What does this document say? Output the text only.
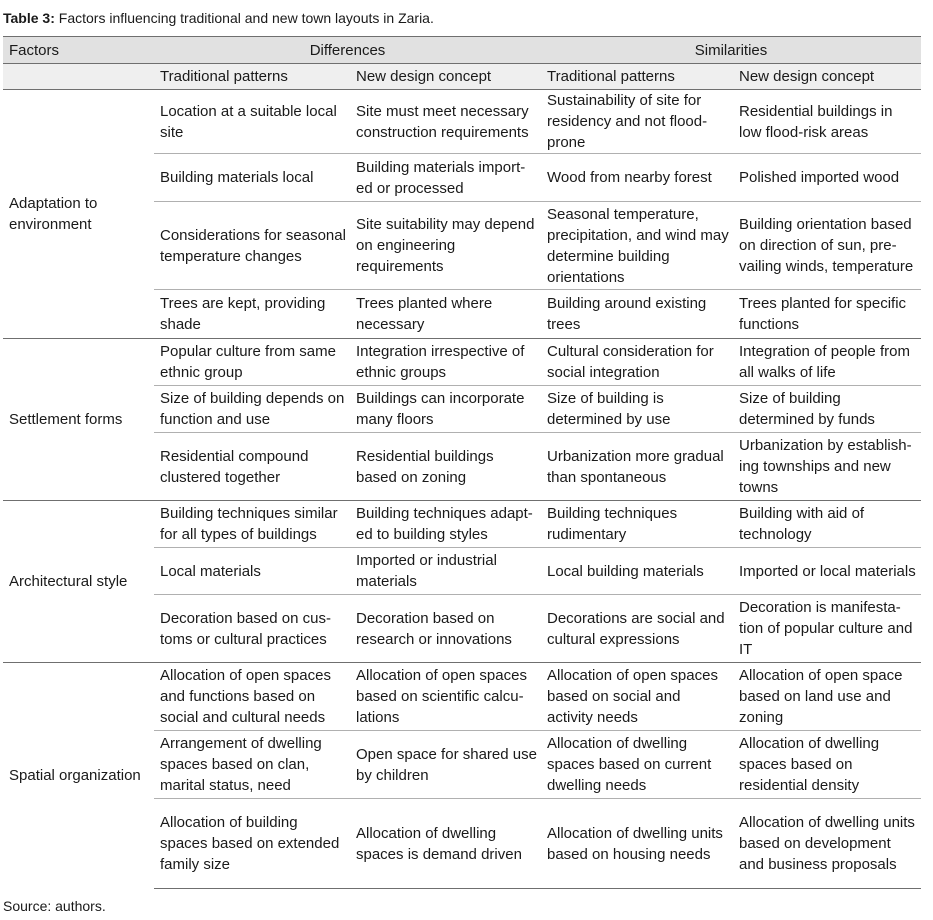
Table 3: Factors influencing traditional and new town layouts in Zaria.
Factors	Differences		Similarities	
	Traditional patterns	New design concept	Traditional patterns	New design concept
Adaptation to environment	Location at a suitable local site	Site must meet necessary construction requirements	Sustainability of site for residency and not flood-prone	Residential buildings in low flood-risk areas
	Building materials local	Building materials import-ed or processed	Wood from nearby forest	Polished imported wood
	Considerations for seasonal temperature changes	Site suitability may depend on engineering requirements	Seasonal temperature, precipitation, and wind may determine building orientations	Building orientation based on direction of sun, pre-vailing winds, temperature
	Trees are kept, providing shade	Trees planted where necessary	Building around existing trees	Trees planted for specific functions
Settlement forms	Popular culture from same ethnic group	Integration irrespective of ethnic groups	Cultural consideration for social integration	Integration of people from all walks of life
	Size of building depends on function and use	Buildings can incorporate many floors	Size of building is determined by use	Size of building determined by funds
	Residential compound clustered together	Residential buildings based on zoning	Urbanization more gradual than spontaneous	Urbanization by establish-ing townships and new towns
Architectural style	Building techniques similar for all types of buildings	Building techniques adapt-ed to building styles	Building techniques rudimentary	Building with aid of technology
	Local materials	Imported or industrial materials	Local building materials	Imported or local materials
	Decoration based on cus-toms or cultural practices	Decoration based on research or innovations	Decorations are social and cultural expressions	Decoration is manifesta-tion of popular culture and IT
Spatial organization	Allocation of open spaces and functions based on social and cultural needs	Allocation of open spaces based on scientific calcu-lations	Allocation of open spaces based on social and activity needs	Allocation of open space based on land use and zoning
	Arrangement of dwelling spaces based on clan, marital status, need	Open space for shared use by children	Allocation of dwelling spaces based on current dwelling needs	Allocation of dwelling spaces based on residential density
	Allocation of building spaces based on extended family size	Allocation of dwelling spaces is demand driven	Allocation of dwelling units based on housing needs	Allocation of dwelling units based on development and business proposals
Source: authors.
